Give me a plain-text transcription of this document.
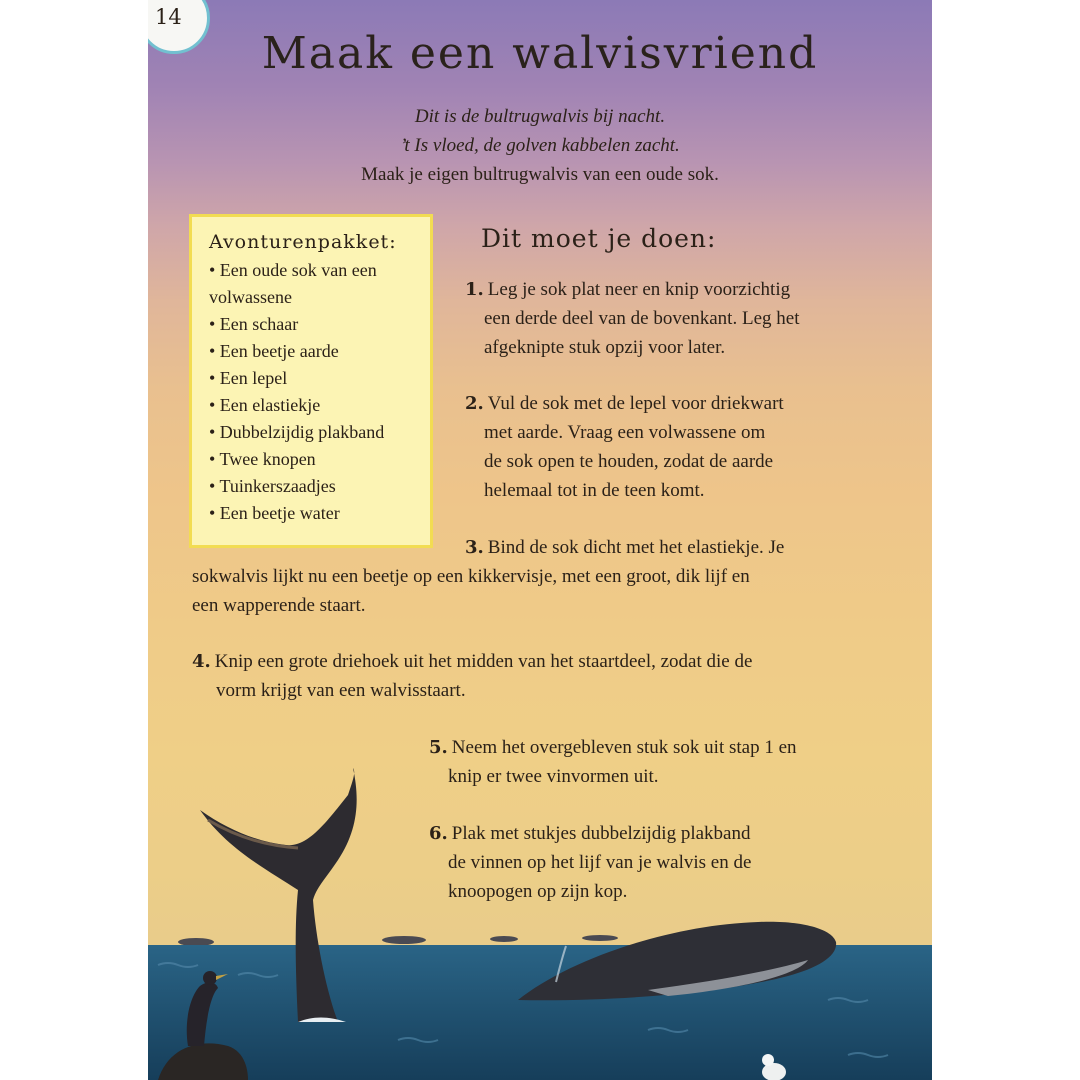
14
Maak een walvisvriend
Dit is de bultrugwalvis bij nacht.
’t Is vloed, de golven kabbelen zacht.
Maak je eigen bultrugwalvis van een oude sok.
Avonturenpakket:
• Een oude sok van een
volwassene
• Een schaar
• Een beetje aarde
• Een lepel
• Een elastiekje
• Dubbelzijdig plakband
• Twee knopen
• Tuinkerszaadjes
• Een beetje water
Dit moet je doen:
1. Leg je sok plat neer en knip voorzichtig
een derde deel van de bovenkant. Leg het
afgeknipte stuk opzij voor later.
2. Vul de sok met de lepel voor driekwart
met aarde. Vraag een volwassene om
de sok open te houden, zodat de aarde
helemaal tot in de teen komt.
3. Bind de sok dicht met het elastiekje. Je
sokwalvis lijkt nu een beetje op een kikkervisje, met een groot, dik lijf en
een wapperende staart.
4. Knip een grote driehoek uit het midden van het staartdeel, zodat die de
vorm krijgt van een walvisstaart.
5. Neem het overgebleven stuk sok uit stap 1 en
knip er twee vinvormen uit.
6. Plak met stukjes dubbelzijdig plakband
de vinnen op het lijf van je walvis en de
knoopogen op zijn kop.
